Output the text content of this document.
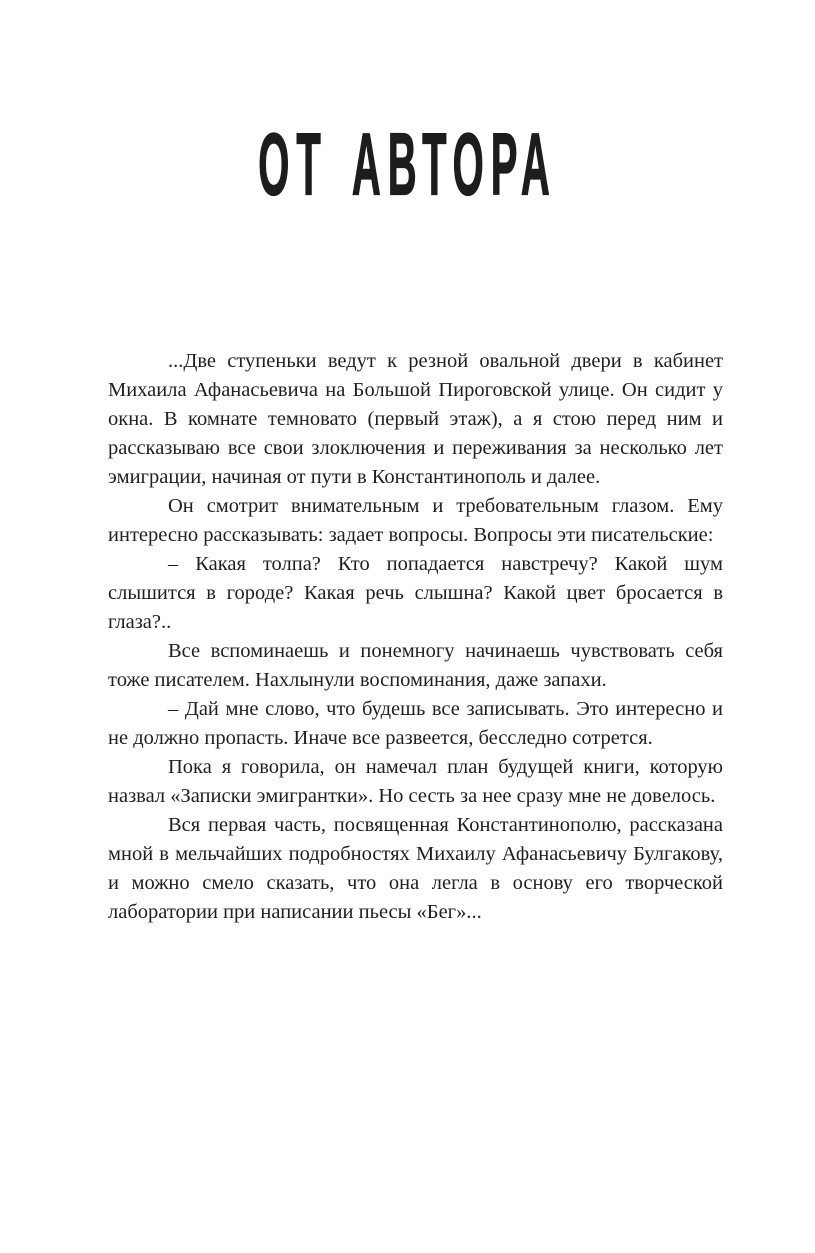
ОТ АВТОРА

...Две ступеньки ведут к резной овальной двери в кабинет Михаила Афанасьевича на Большой Пироговской улице. Он сидит у окна. В комнате темновато (первый этаж), а я стою перед ним и рассказываю все свои злоключения и переживания за несколько лет эмиграции, начиная от пути в Константинополь и далее.

Он смотрит внимательным и требовательным глазом. Ему интересно рассказывать: задает вопросы. Вопросы эти писательские:

– Какая толпа? Кто попадается навстречу? Какой шум слышится в городе? Какая речь слышна? Какой цвет бросается в глаза?..

Все вспоминаешь и понемногу начинаешь чувствовать себя тоже писателем. Нахлынули воспоминания, даже запахи.

– Дай мне слово, что будешь все записывать. Это интересно и не должно пропасть. Иначе все развеется, бесследно сотрется.

Пока я говорила, он намечал план будущей книги, которую назвал «Записки эмигрантки». Но сесть за нее сразу мне не довелось.

Вся первая часть, посвященная Константинополю, рассказана мной в мельчайших подробностях Михаилу Афанасьевичу Булгакову, и можно смело сказать, что она легла в основу его творческой лаборатории при написании пьесы «Бег»...
